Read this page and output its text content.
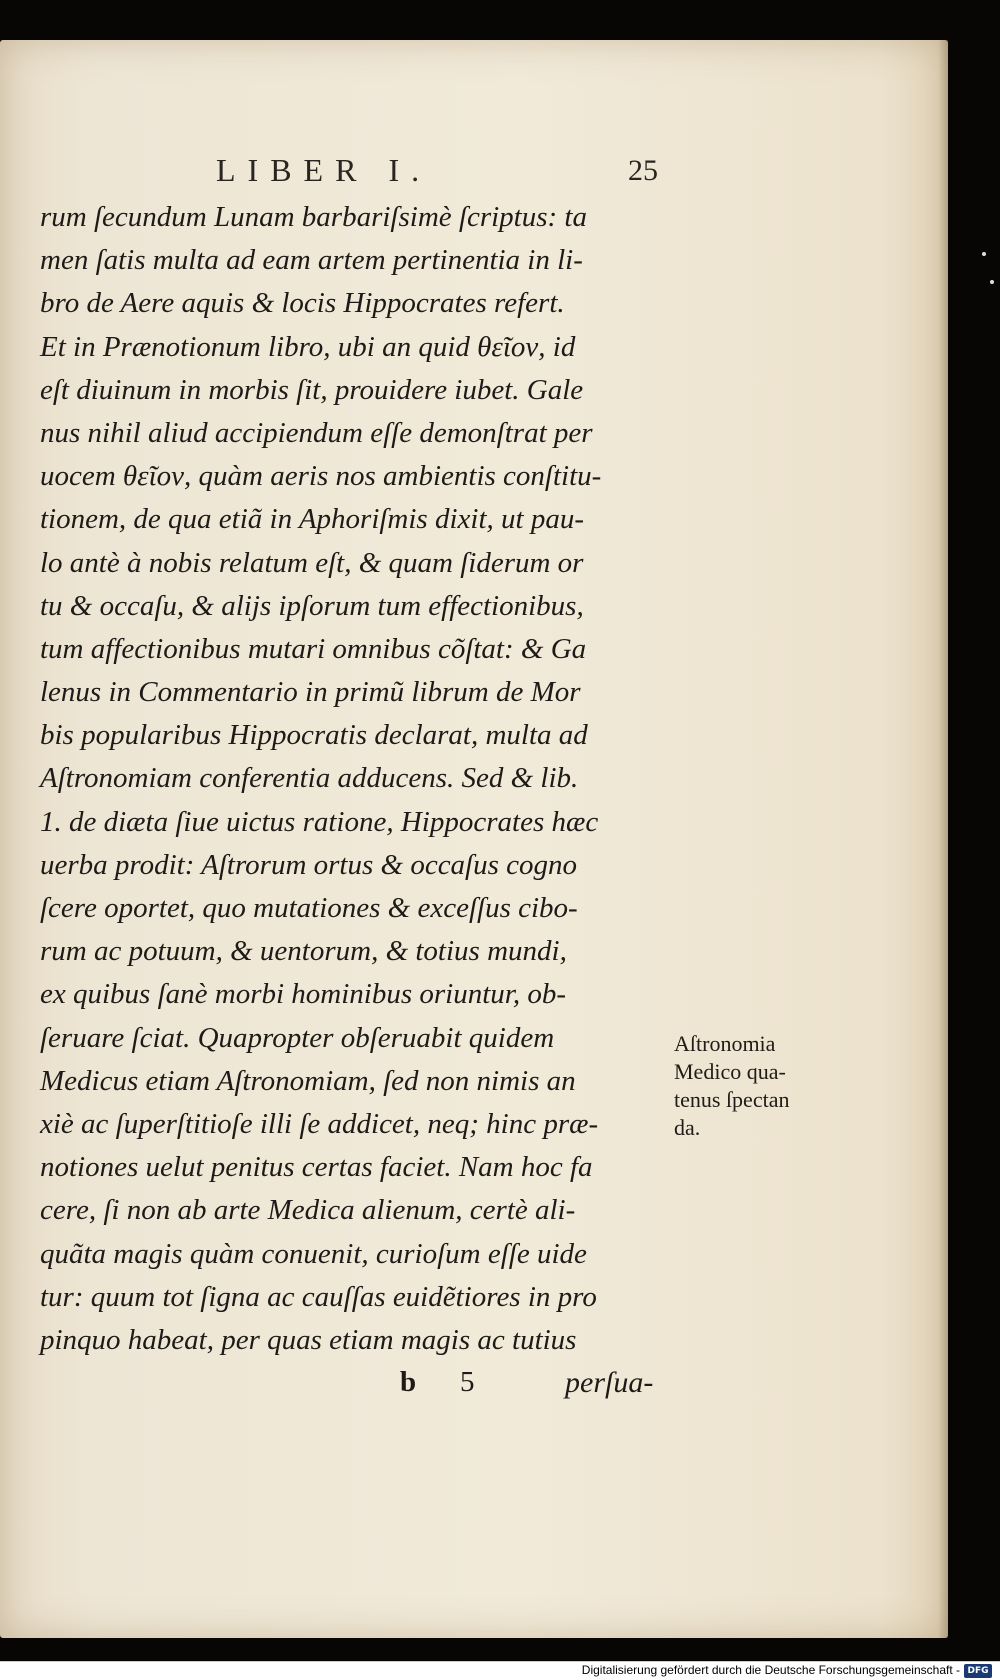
LIBER I.	25
rum ſecundum Lunam barbariſsimè ſcriptus: ta
men ſatis multa ad eam artem pertinentia in li-
bro de Aere aquis & locis Hippocrates refert.
Et in Prænotionum libro, ubi an quid θεῖον, id
eſt diuinum in morbis ſit, prouidere iubet. Gale
nus nihil aliud accipiendum eſſe demonſtrat per
uocem θεῖον, quàm aeris nos ambientis conſtitu-
tionem, de qua etiã in Aphoriſmis dixit, ut pau-
lo antè à nobis relatum eſt, & quam ſiderum or
tu & occaſu, & alijs ipſorum tum effectionibus,
tum affectionibus mutari omnibus cõſtat: & Ga
lenus in Commentario in primũ librum de Mor
bis popularibus Hippocratis declarat, multa ad
Aſtronomiam conferentia adducens. Sed & lib.
1. de diæta ſiue uictus ratione, Hippocrates hæc
uerba prodit: Aſtrorum ortus & occaſus cogno
ſcere oportet, quo mutationes & exceſſus cibo-
rum ac potuum, & uentorum, & totius mundi,
ex quibus ſanè morbi hominibus oriuntur, ob-
ſeruare ſciat. Quapropter obſeruabit quidem
Medicus etiam Aſtronomiam, ſed non nimis an
xiè ac ſuperſtitioſe illi ſe addicet, neq; hinc præ-
notiones uelut penitus certas faciet. Nam hoc fa
cere, ſi non ab arte Medica alienum, certè ali-
quãta magis quàm conuenit, curioſum eſſe uide
tur: quum tot ſigna ac cauſſas euidẽtiores in pro
pinquo habeat, per quas etiam magis ac tutius
b 5	perſua-
Aſtronomia
Medico qua-
tenus ſpectan
da.
Digitalisierung gefördert durch die Deutsche Forschungsgemeinschaft - DFG
